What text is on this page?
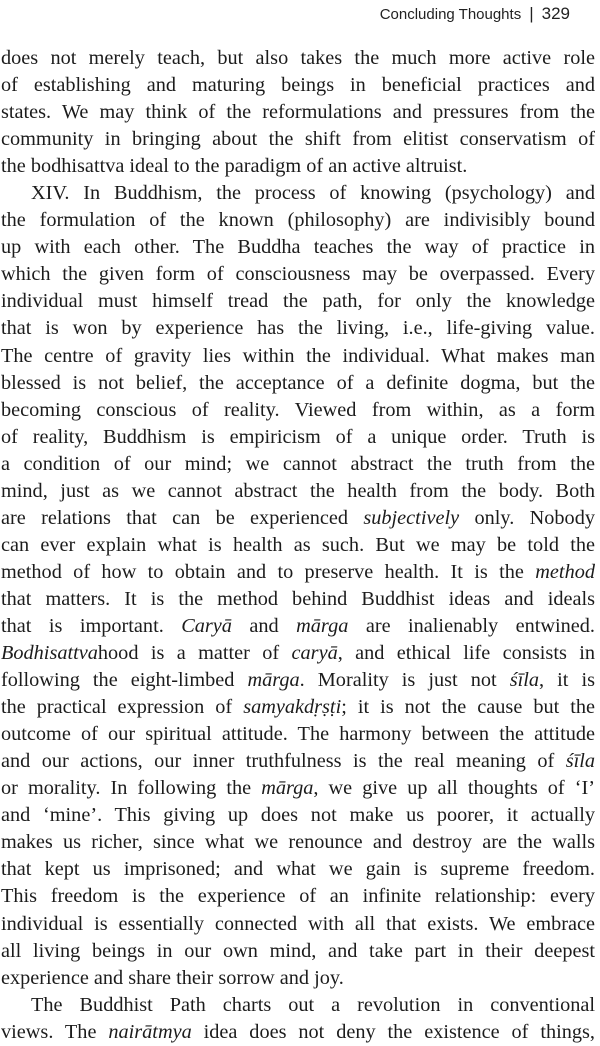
Concluding Thoughts | 329
does not merely teach, but also takes the much more active role
of establishing and maturing beings in beneficial practices and
states. We may think of the reformulations and pressures from the
community in bringing about the shift from elitist conservatism of
the bodhisattva ideal to the paradigm of an active altruist.
XIV. In Buddhism, the process of knowing (psychology) and
the formulation of the known (philosophy) are indivisibly bound
up with each other. The Buddha teaches the way of practice in
which the given form of consciousness may be overpassed. Every
individual must himself tread the path, for only the knowledge
that is won by experience has the living, i.e., life-giving value.
The centre of gravity lies within the individual. What makes man
blessed is not belief, the acceptance of a definite dogma, but the
becoming conscious of reality. Viewed from within, as a form
of reality, Buddhism is empiricism of a unique order. Truth is
a condition of our mind; we cannot abstract the truth from the
mind, just as we cannot abstract the health from the body. Both
are relations that can be experienced subjectively only. Nobody
can ever explain what is health as such. But we may be told the
method of how to obtain and to preserve health. It is the method
that matters. It is the method behind Buddhist ideas and ideals
that is important. Caryā and mārga are inalienably entwined.
Bodhisattvahood is a matter of caryā, and ethical life consists in
following the eight-limbed mārga. Morality is just not śīla, it is
the practical expression of samyakdṛṣṭi; it is not the cause but the
outcome of our spiritual attitude. The harmony between the attitude
and our actions, our inner truthfulness is the real meaning of śīla
or morality. In following the mārga, we give up all thoughts of ‘I’
and ‘mine’. This giving up does not make us poorer, it actually
makes us richer, since what we renounce and destroy are the walls
that kept us imprisoned; and what we gain is supreme freedom.
This freedom is the experience of an infinite relationship: every
individual is essentially connected with all that exists. We embrace
all living beings in our own mind, and take part in their deepest
experience and share their sorrow and joy.
The Buddhist Path charts out a revolution in conventional
views. The nairātmya idea does not deny the existence of things,
